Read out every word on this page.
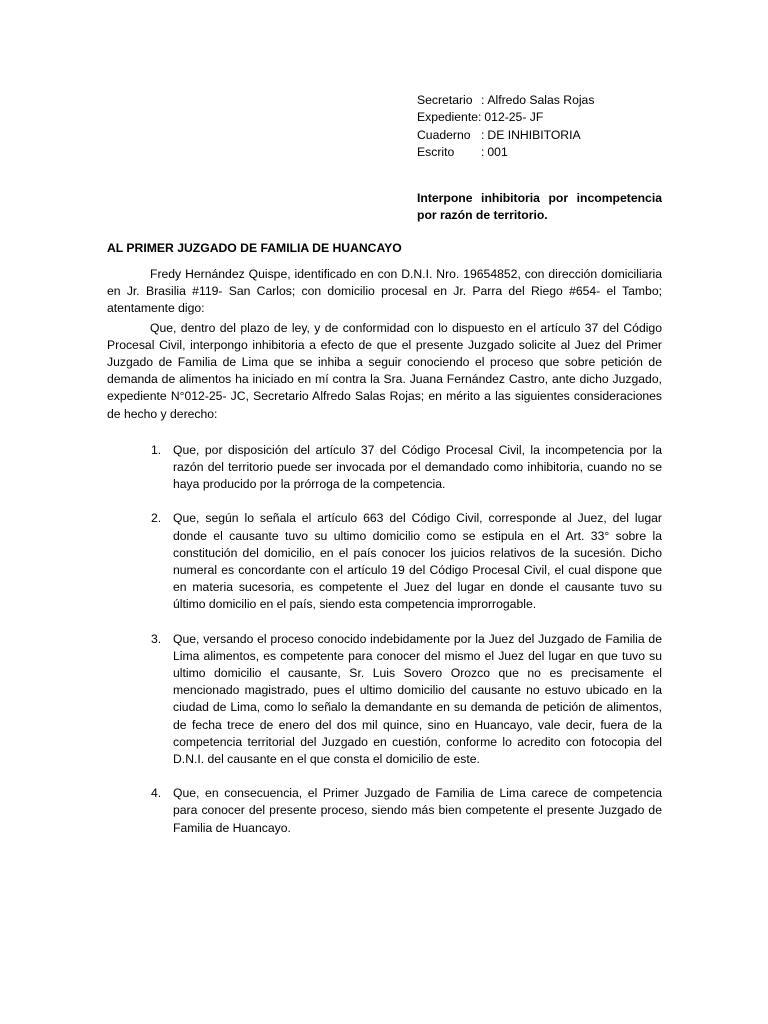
Secretario : Alfredo Salas Rojas
Expediente : 012-25- JF
Cuaderno : DE INHIBITORIA
Escrito	: 001
Interpone inhibitoria por incompetencia por razón de territorio.
AL PRIMER JUZGADO DE FAMILIA DE HUANCAYO

Fredy Hernández Quispe, identificado en con D.N.I. Nro. 19654852, con dirección domiciliaria en Jr. Brasilia #119- San Carlos; con domicilio procesal en Jr. Parra del Riego #654- el Tambo; atentamente digo:

Que, dentro del plazo de ley, y de conformidad con lo dispuesto en el artículo 37 del Código Procesal Civil, interpongo inhibitoria a efecto de que el presente Juzgado solicite al Juez del Primer Juzgado de Familia de Lima que se inhiba a seguir conociendo el proceso que sobre petición de demanda de alimentos ha iniciado en mí contra la Sra. Juana Fernández Castro, ante dicho Juzgado, expediente N°012-25- JC, Secretario Alfredo Salas Rojas; en mérito a las siguientes consideraciones de hecho y derecho:

1. Que, por disposición del artículo 37 del Código Procesal Civil, la incompetencia por la razón del territorio puede ser invocada por el demandado como inhibitoria, cuando no se haya producido por la prórroga de la competencia.
2. Que, según lo señala el artículo 663 del Código Civil, corresponde al Juez, del lugar donde el causante tuvo su ultimo domicilio como se estipula en el Art. 33° sobre la constitución del domicilio, en el país conocer los juicios relativos de la sucesión. Dicho numeral es concordante con el artículo 19 del Código Procesal Civil, el cual dispone que en materia sucesoria, es competente el Juez del lugar en donde el causante tuvo su último domicilio en el país, siendo esta competencia improrrogable.
3. Que, versando el proceso conocido indebidamente por la Juez del Juzgado de Familia de Lima alimentos, es competente para conocer del mismo el Juez del lugar en que tuvo su ultimo domicilio el causante, Sr. Luis Sovero Orozco que no es precisamente el mencionado magistrado, pues el ultimo domicilio del causante no estuvo ubicado en la ciudad de Lima, como lo señalo la demandante en su demanda de petición de alimentos, de fecha trece de enero del dos mil quince, sino en Huancayo, vale decir, fuera de la competencia territorial del Juzgado en cuestión, conforme lo acredito con fotocopia del D.N.I. del causante en el que consta el domicilio de este.
4. Que, en consecuencia, el Primer Juzgado de Familia de Lima carece de competencia para conocer del presente proceso, siendo más bien competente el presente Juzgado de Familia de Huancayo.
